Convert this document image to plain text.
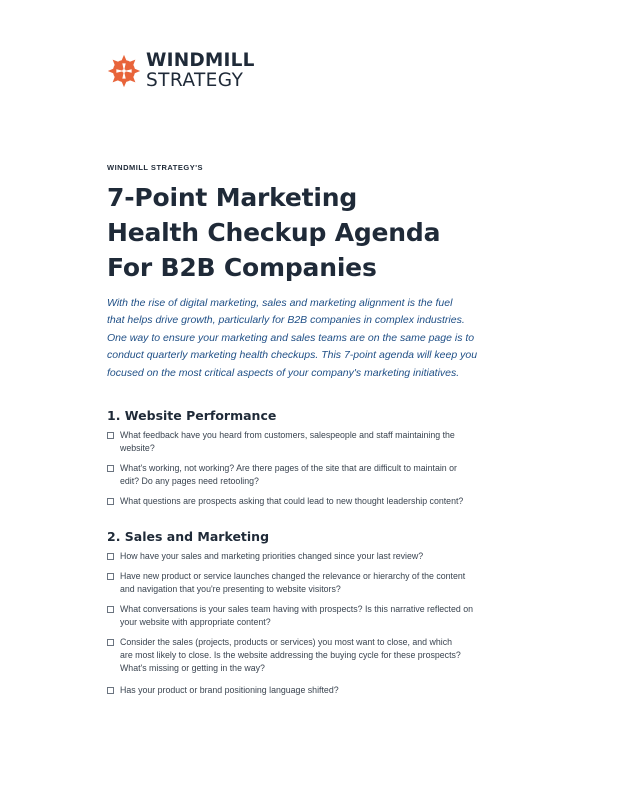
WINDMILL
STRATEGY

WINDMILL STRATEGY'S

7-Point Marketing
Health Checkup Agenda
For B2B Companies

With the rise of digital marketing, sales and marketing alignment is the fuel
that helps drive growth, particularly for B2B companies in complex industries.
One way to ensure your marketing and sales teams are on the same page is to
conduct quarterly marketing health checkups. This 7-point agenda will keep you
focused on the most critical aspects of your company's marketing initiatives.

1. Website Performance
What feedback have you heard from customers, salespeople and staff maintaining the
website?
What's working, not working? Are there pages of the site that are difficult to maintain or
edit? Do any pages need retooling?
What questions are prospects asking that could lead to new thought leadership content?
2. Sales and Marketing
How have your sales and marketing priorities changed since your last review?
Have new product or service launches changed the relevance or hierarchy of the content
and navigation that you're presenting to website visitors?
What conversations is your sales team having with prospects? Is this narrative reflected on
your website with appropriate content?
Consider the sales (projects, products or services) you most want to close, and which
are most likely to close. Is the website addressing the buying cycle for these prospects?
What's missing or getting in the way?
Has your product or brand positioning language shifted?
